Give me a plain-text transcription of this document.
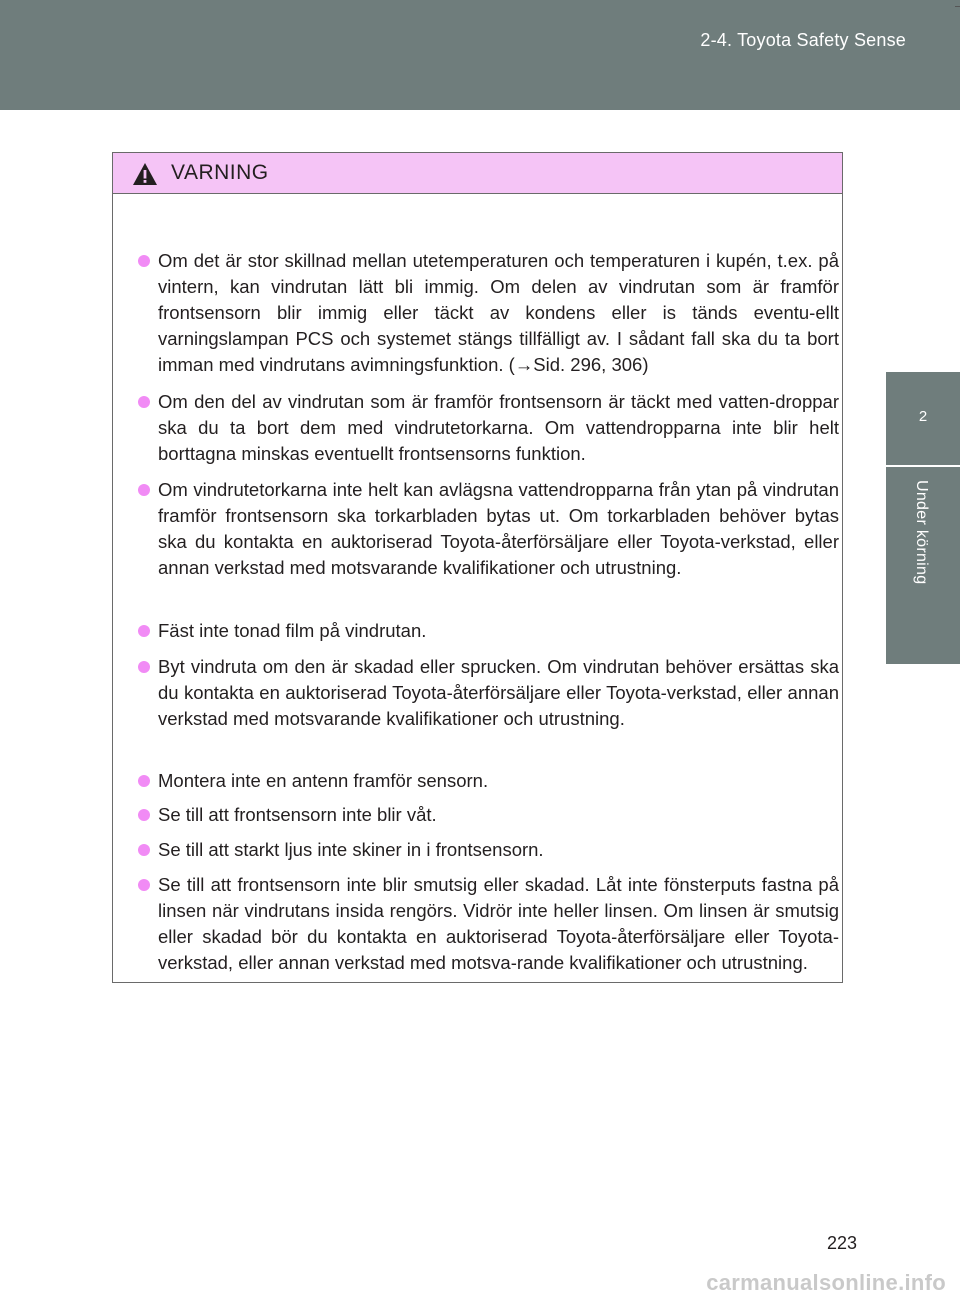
2-4. Toyota Safety Sense
2
Under körning
VARNING
Om det är stor skillnad mellan utetemperaturen och temperaturen i kupén, t.ex. på vintern, kan vindrutan lätt bli immig. Om delen av vindrutan som är framför frontsensorn blir immig eller täckt av kondens eller is tänds eventu-ellt varningslampan PCS och systemet stängs tillfälligt av. I sådant fall ska du ta bort imman med vindrutans avimningsfunktion. (→Sid. 296, 306)
Om den del av vindrutan som är framför frontsensorn är täckt med vatten-droppar ska du ta bort dem med vindrutetorkarna. Om vattendropparna inte blir helt borttagna minskas eventuellt frontsensorns funktion.
Om vindrutetorkarna inte helt kan avlägsna vattendropparna från ytan på vindrutan framför frontsensorn ska torkarbladen bytas ut. Om torkarbladen behöver bytas ska du kontakta en auktoriserad Toyota-återförsäljare eller Toyota-verkstad, eller annan verkstad med motsvarande kvalifikationer och utrustning.
Fäst inte tonad film på vindrutan.
Byt vindruta om den är skadad eller sprucken. Om vindrutan behöver ersättas ska du kontakta en auktoriserad Toyota-återförsäljare eller Toyota-verkstad, eller annan verkstad med motsvarande kvalifikationer och utrustning.
Montera inte en antenn framför sensorn.
Se till att frontsensorn inte blir våt.
Se till att starkt ljus inte skiner in i frontsensorn.
Se till att frontsensorn inte blir smutsig eller skadad. Låt inte fönsterputs fastna på linsen när vindrutans insida rengörs. Vidrör inte heller linsen. Om linsen är smutsig eller skadad bör du kontakta en auktoriserad Toyota-återförsäljare eller Toyota-verkstad, eller annan verkstad med motsva-rande kvalifikationer och utrustning.
223
carmanualsonline.info
